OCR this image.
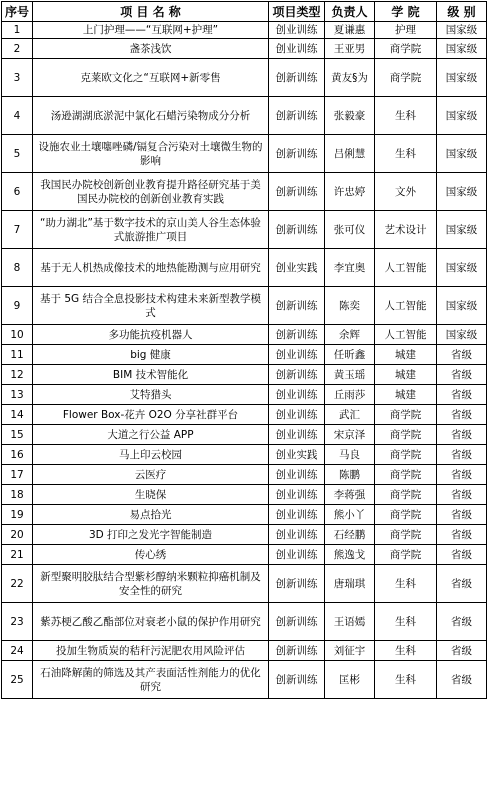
序号	项 目 名 称	项目类型	负责人	学 院	级 别
1	上门护理——“互联网+护理”	创业训练	夏谦惠	护理	国家级
2	盏茶浅饮	创业训练	王亚男	商学院	国家级
3	克莱欧文化之“互联网+新零售	创新训练	黄友§为	商学院	国家级
4	汤逊湖湖底淤泥中氯化石蜡污染物成分分析	创新训练	张毅豪	生科	国家级
5	设施农业土壤噻唑磷/镉复合污染对土壤微生物的影响	创新训练	吕俐慧	生科	国家级
6	我国民办院校创新创业教育提升路径研究基于美国民办院校的创新创业教育实践	创新训练	许忠婷	文外	国家级
7	“助力湖北”基于数字技术的京山美人谷生态体验式旅游推广项目	创新训练	张可仪	艺术设计	国家级
8	基于无人机热成像技术的地热能勘测与应用研究	创业实践	李宜奥	人工智能	国家级
9	基于 5G 结合全息投影技术构建未来新型教学模式	创新训练	陈奕	人工智能	国家级
10	多功能抗疫机器人	创新训练	余辉	人工智能	国家级
11	big 健康	创业训练	任昕鑫	城建	省级
12	BIM 技术智能化	创新训练	黄玉瑶	城建	省级
13	艾特猎头	创业训练	丘雨莎	城建	省级
14	Flower Box-花卉 O2O 分享社群平台	创业训练	武汇	商学院	省级
15	大道之行公益 APP	创业训练	宋京泽	商学院	省级
16	马上印云校园	创业实践	马良	商学院	省级
17	云医疗	创业训练	陈鹏	商学院	省级
18	生晓保	创业训练	李蒋强	商学院	省级
19	易点拾光	创业训练	熊小丫	商学院	省级
20	3D 打印之发光字智能制造	创业训练	石经鹏	商学院	省级
21	传心绣	创业训练	熊逸戈	商学院	省级
22	新型聚明胶肽结合型紫杉醇纳米颗粒抑癌机制及安全性的研究	创新训练	唐瑞琪	生科	省级
23	紫苏梗乙酸乙酯部位对衰老小鼠的保护作用研究	创新训练	王语嫣	生科	省级
24	投加生物质炭的秸秆污泥肥农用风险评估	创新训练	刘征宇	生科	省级
25	石油降解菌的筛选及其产表面活性剂能力的优化研究	创新训练	匡彬	生科	省级
